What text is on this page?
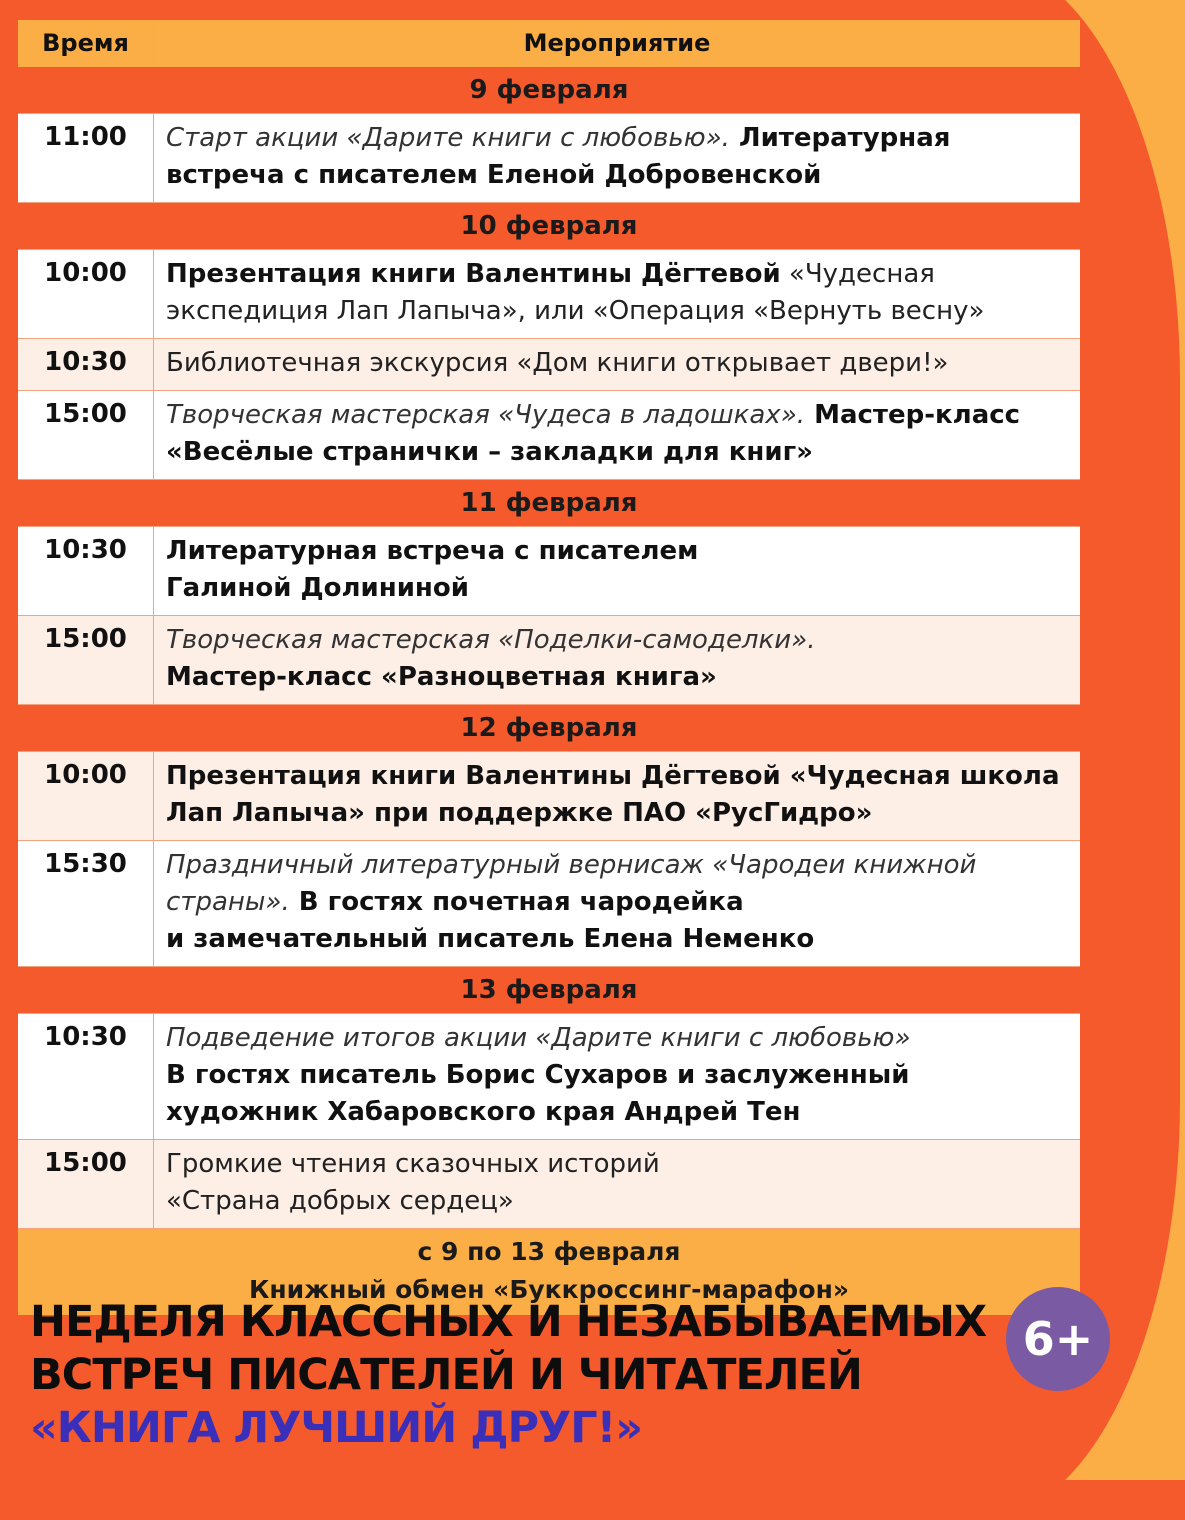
Время	Мероприятие
9 февраля
11:00	Старт акции «Дарите книги с любовью». Литературная встреча с писателем Еленой Добровенской
10 февраля
10:00	Презентация книги Валентины Дёгтевой «Чудесная экспедиция Лап Лапыча», или «Операция «Вернуть весну»
10:30	Библиотечная экскурсия «Дом книги открывает двери!»
15:00	Творческая мастерская «Чудеса в ладошках». Мастер-класс «Весёлые странички – закладки для книг»
11 февраля
10:30	Литературная встреча с писателем
Галиной Долининой
15:00	Творческая мастерская «Поделки-самоделки».
Мастер-класс «Разноцветная книга»
12 февраля
10:00	Презентация книги Валентины Дёгтевой «Чудесная школа Лап Лапыча» при поддержке ПАО «РусГидро»
15:30	Праздничный литературный вернисаж «Чародеи книжной страны». В гостях почетная чародейка
и замечательный писатель Елена Неменко
13 февраля
10:30	Подведение итогов акции «Дарите книги с любовью»
В гостях писатель Борис Сухаров и заслуженный художник Хабаровского края Андрей Тен
15:00	Громкие чтения сказочных историй
«Страна добрых сердец»
с 9 по 13 февраля
Книжный обмен «Буккроссинг-марафон»
НЕДЕЛЯ КЛАССНЫХ И НЕЗАБЫВАЕМЫХ
ВСТРЕЧ ПИСАТЕЛЕЙ И ЧИТАТЕЛЕЙ
«КНИГА ЛУЧШИЙ ДРУГ!»
6+
